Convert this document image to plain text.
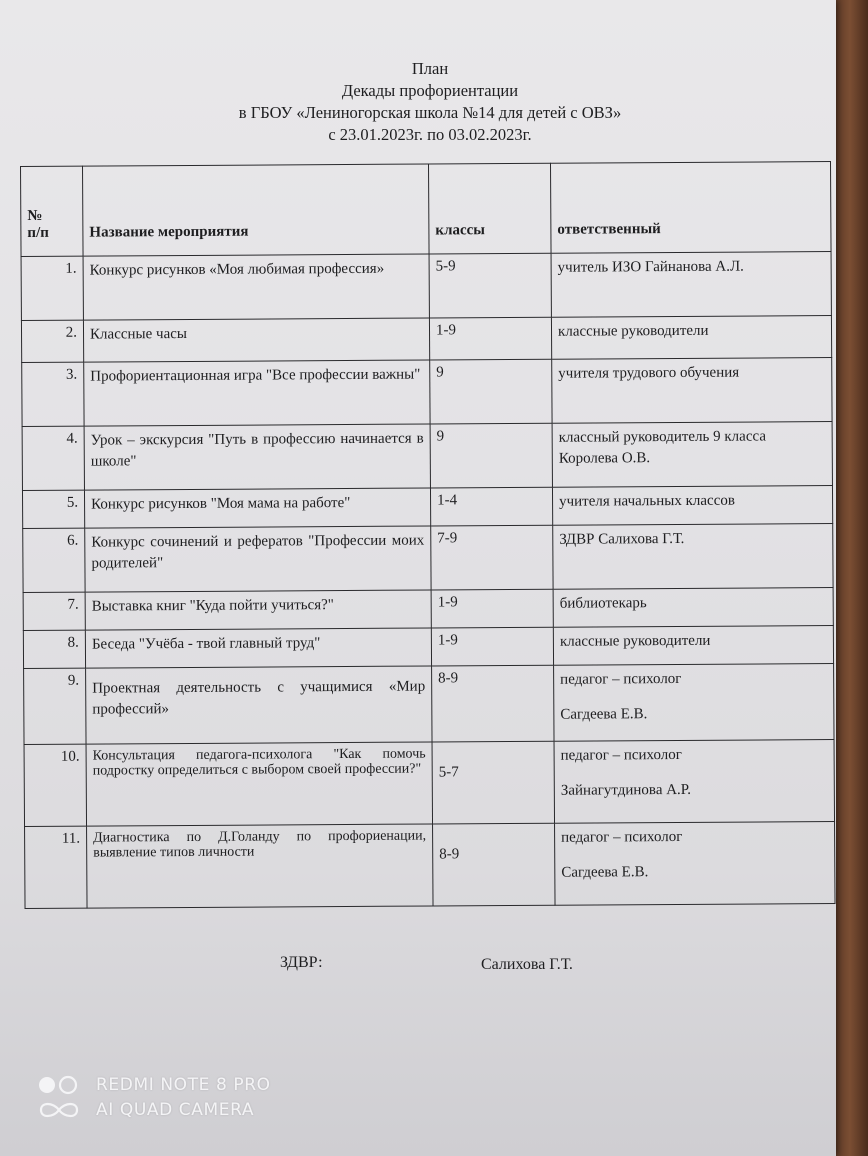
План
Декады профориентации
в ГБОУ «Лениногорская школа №14 для детей с ОВЗ»
с 23.01.2023г. по 03.02.2023г.
№
п/п	Название мероприятия	классы	ответственный
1.	Конкурс рисунков «Моя любимая профессия»	5-9	учитель ИЗО Гайнанова А.Л.
2.	Классные часы	1-9	классные руководители
3.	Профориентационная игра "Все профессии важны"	9	учителя трудового обучения
4.	Урок – экскурсия "Путь в профессию начинается в школе"	9	классный руководитель 9 класса Королева О.В.
5.	Конкурс рисунков "Моя мама на работе"	1-4	учителя начальных классов
6.	Конкурс сочинений и рефератов "Профессии моих родителей"	7-9	ЗДВР Салихова Г.Т.
7.	Выставка книг "Куда пойти учиться?"	1-9	библиотекарь
8.	Беседа "Учёба - твой главный труд"	1-9	классные руководители
9.	Проектная деятельность с учащимися «Мир профессий»	8-9	педагог – психолог
Сагдеева Е.В.

10.	Консультация педагога-психолога "Как помочь подростку определиться с выбором своей профессии?"	5-7	педагог – психолог
Зайнагутдинова А.Р.

11.	Диагностика по Д.Голанду по профориенации, выявление типов личности	8-9	педагог – психолог
Сагдеева Е.В.
ЗДВР:	Салихова Г.Т.
REDMI NOTE 8 PRO
AI QUAD CAMERA
